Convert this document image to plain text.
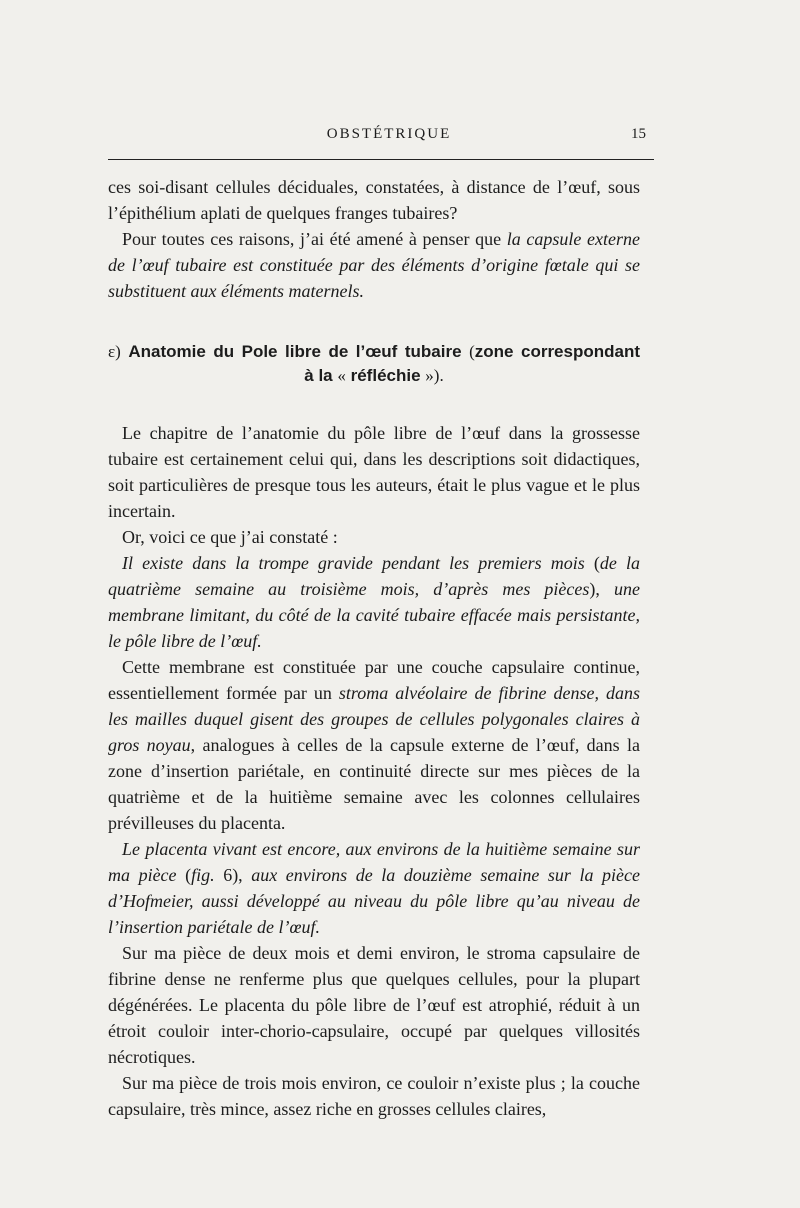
OBSTÉTRIQUE	15

ces soi-disant cellules déciduales, constatées, à distance de l’œuf, sous l’épithélium aplati de quelques franges tubaires?

Pour toutes ces raisons, j’ai été amené à penser que la capsule externe de l’œuf tubaire est constituée par des éléments d’origine fœtale qui se substituent aux éléments maternels.

ε) Anatomie du Pole libre de l’œuf tubaire (zone correspondant
à la « réfléchie »).

Le chapitre de l’anatomie du pôle libre de l’œuf dans la grossesse tubaire est certainement celui qui, dans les descriptions soit didactiques, soit particulières de presque tous les auteurs, était le plus vague et le plus incertain.

Or, voici ce que j’ai constaté :

Il existe dans la trompe gravide pendant les premiers mois (de la quatrième semaine au troisième mois, d’après mes pièces), une membrane limitant, du côté de la cavité tubaire effacée mais persistante, le pôle libre de l’œuf.

Cette membrane est constituée par une couche capsulaire continue, essentiellement formée par un stroma alvéolaire de fibrine dense, dans les mailles duquel gisent des groupes de cellules polygonales claires à gros noyau, analogues à celles de la capsule externe de l’œuf, dans la zone d’insertion pariétale, en continuité directe sur mes pièces de la quatrième et de la huitième semaine avec les colonnes cellulaires prévilleuses du placenta.

Le placenta vivant est encore, aux environs de la huitième semaine sur ma pièce (fig. 6), aux environs de la douzième semaine sur la pièce d’Hofmeier, aussi développé au niveau du pôle libre qu’au niveau de l’insertion pariétale de l’œuf.

Sur ma pièce de deux mois et demi environ, le stroma capsulaire de fibrine dense ne renferme plus que quelques cellules, pour la plupart dégénérées. Le placenta du pôle libre de l’œuf est atrophié, réduit à un étroit couloir inter-chorio-capsulaire, occupé par quelques villosités nécrotiques.

Sur ma pièce de trois mois environ, ce couloir n’existe plus ; la couche capsulaire, très mince, assez riche en grosses cellules claires,
